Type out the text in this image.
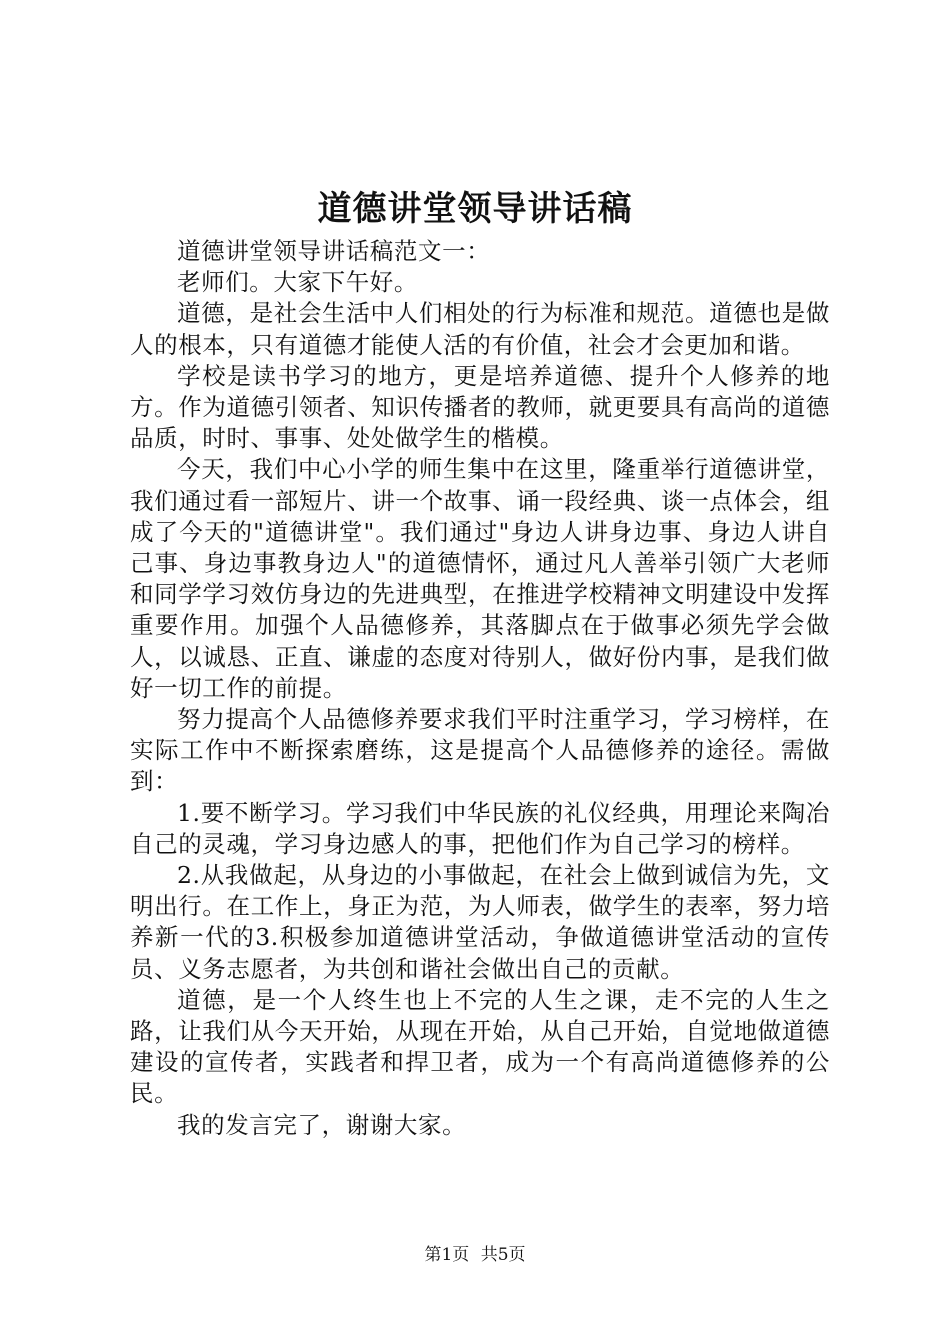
道德讲堂领导讲话稿

道德讲堂领导讲话稿范文一：

老师们。大家下午好。

道德，是社会生活中人们相处的行为标准和规范。道德也是做人的根本，只有道德才能使人活的有价值，社会才会更加和谐。

学校是读书学习的地方，更是培养道德、提升个人修养的地方。作为道德引领者、知识传播者的教师，就更要具有高尚的道德品质，时时、事事、处处做学生的楷模。

今天，我们中心小学的师生集中在这里，隆重举行道德讲堂，我们通过看一部短片、讲一个故事、诵一段经典、谈一点体会，组成了今天的"道德讲堂"。我们通过"身边人讲身边事、身边人讲自己事、身边事教身边人"的道德情怀，通过凡人善举引领广大老师和同学学习效仿身边的先进典型，在推进学校精神文明建设中发挥重要作用。加强个人品德修养，其落脚点在于做事必须先学会做人，以诚恳、正直、谦虚的态度对待别人，做好份内事，是我们做好一切工作的前提。

努力提高个人品德修养要求我们平时注重学习，学习榜样，在实际工作中不断探索磨练，这是提高个人品德修养的途径。需做到：

1.要不断学习。学习我们中华民族的礼仪经典，用理论来陶冶自己的灵魂，学习身边感人的事，把他们作为自己学习的榜样。

2.从我做起，从身边的小事做起，在社会上做到诚信为先，文明出行。在工作上，身正为范，为人师表，做学生的表率，努力培养新一代的3.积极参加道德讲堂活动，争做道德讲堂活动的宣传员、义务志愿者，为共创和谐社会做出自己的贡献。

道德，是一个人终生也上不完的人生之课，走不完的人生之路，让我们从今天开始，从现在开始，从自己开始，自觉地做道德建设的宣传者，实践者和捍卫者，成为一个有高尚道德修养的公民。

我的发言完了，谢谢大家。

第1页 共5页
